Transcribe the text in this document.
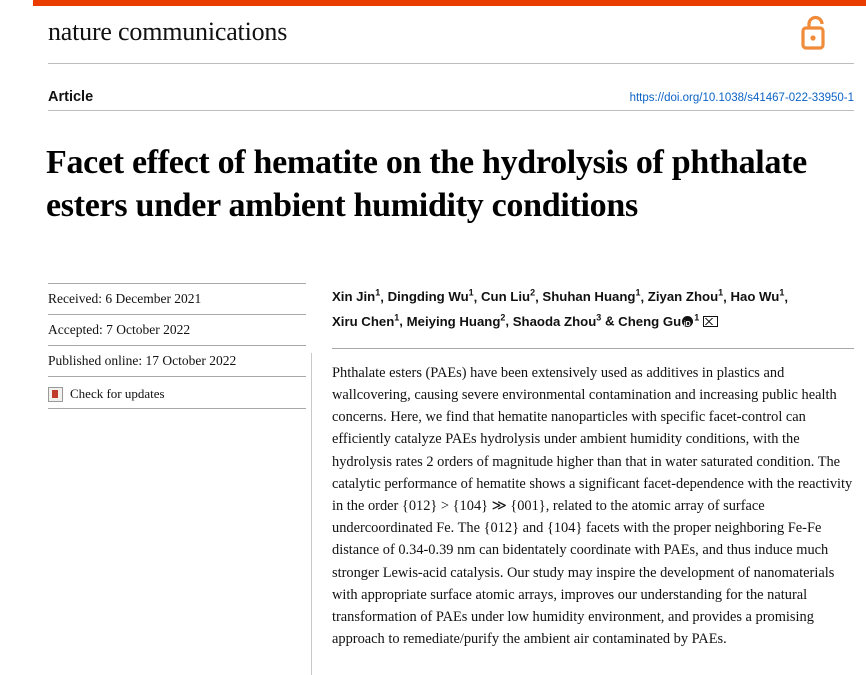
nature communications
Article	https://doi.org/10.1038/s41467-022-33950-1
Facet effect of hematite on the hydrolysis of phthalate esters under ambient humidity conditions
Received: 6 December 2021
Accepted: 7 October 2022
Published online: 17 October 2022
Check for updates
Xin Jin$^1$, Dingding Wu$^1$, Cun Liu$^2$, Shuhan Huang$^1$, Ziyan Zhou$^1$, Hao Wu$^1$,
Xiru Chen$^1$, Meiying Huang$^2$, Shaoda Zhou$^3$ & Cheng Gu iD $^1$
Phthalate esters (PAEs) have been extensively used as additives in plastics and wallcovering, causing severe environmental contamination and increasing public health concerns. Here, we find that hematite nanoparticles with specific facet-control can efficiently catalyze PAEs hydrolysis under ambient humidity conditions, with the hydrolysis rates 2 orders of magnitude higher than that in water saturated condition. The catalytic performance of hematite shows a significant facet-dependence with the reactivity in the order {012} > {104} ≫ {001}, related to the atomic array of surface undercoordinated Fe. The {012} and {104} facets with the proper neighboring Fe-Fe distance of 0.34-0.39 nm can bidentately coordinate with PAEs, and thus induce much stronger Lewis-acid catalysis. Our study may inspire the development of nanomaterials with appropriate surface atomic arrays, improves our understanding for the natural transformation of PAEs under low humidity environment, and provides a promising approach to remediate/purify the ambient air contaminated by PAEs.
